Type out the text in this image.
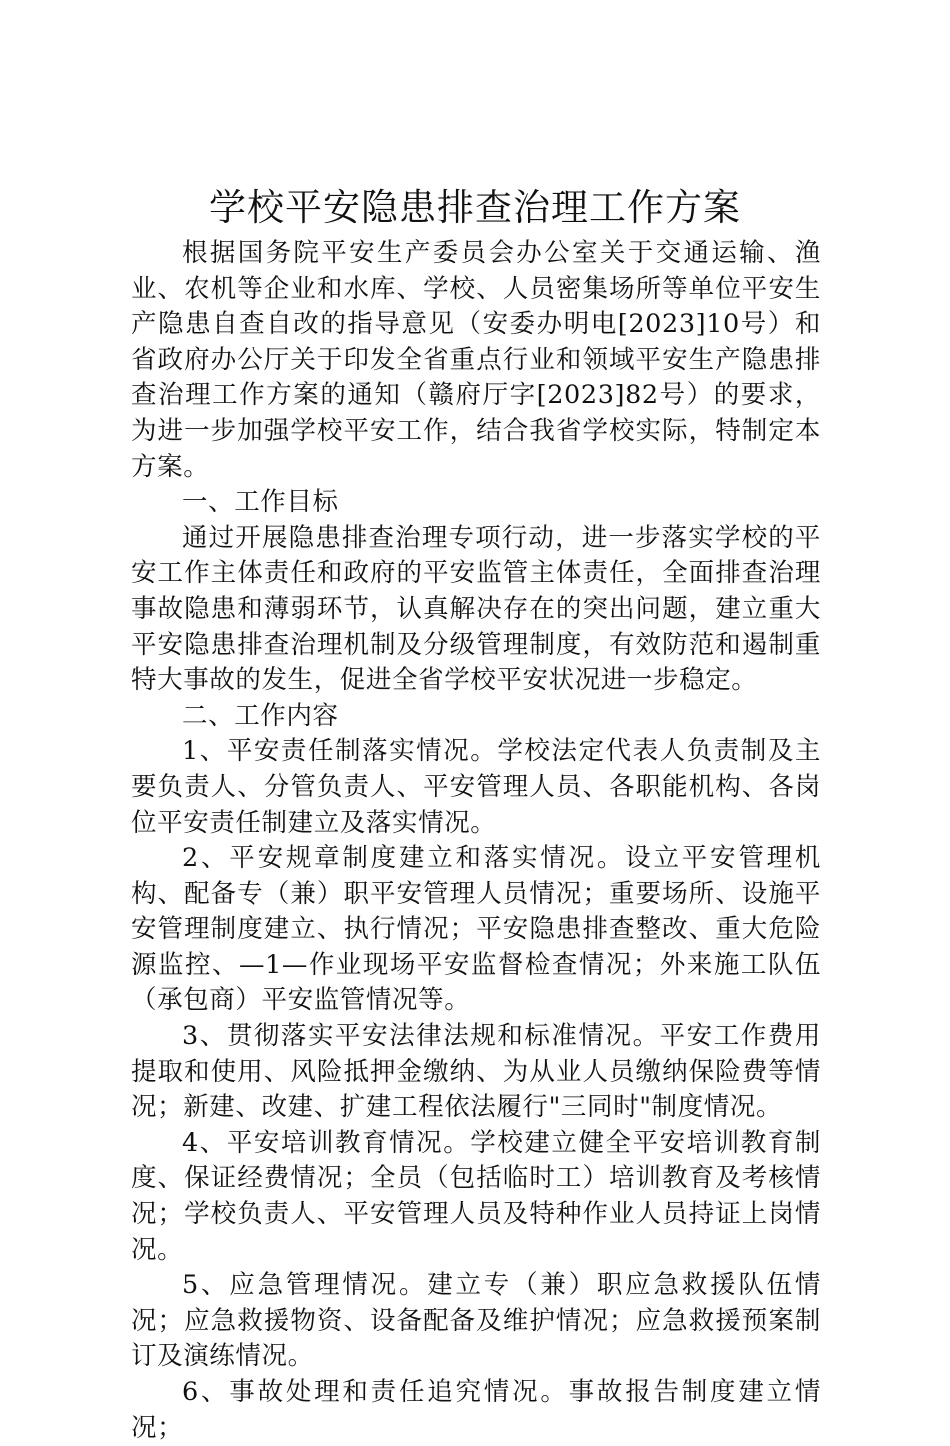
学校平安隐患排查治理工作方案

根据国务院平安生产委员会办公室关于交通运输、渔业、农机等企业和水库、学校、人员密集场所等单位平安生产隐患自查自改的指导意见（安委办明电[2023]10号）和省政府办公厅关于印发全省重点行业和领域平安生产隐患排查治理工作方案的通知（赣府厅字[2023]82号）的要求，为进一步加强学校平安工作，结合我省学校实际，特制定本方案。

一、工作目标

通过开展隐患排查治理专项行动，进一步落实学校的平安工作主体责任和政府的平安监管主体责任，全面排查治理事故隐患和薄弱环节，认真解决存在的突出问题，建立重大平安隐患排查治理机制及分级管理制度，有效防范和遏制重特大事故的发生，促进全省学校平安状况进一步稳定。

二、工作内容

1、平安责任制落实情况。学校法定代表人负责制及主要负责人、分管负责人、平安管理人员、各职能机构、各岗位平安责任制建立及落实情况。

2、平安规章制度建立和落实情况。设立平安管理机构、配备专（兼）职平安管理人员情况；重要场所、设施平安管理制度建立、执行情况；平安隐患排查整改、重大危险源监控、—1—作业现场平安监督检查情况；外来施工队伍（承包商）平安监管情况等。

3、贯彻落实平安法律法规和标准情况。平安工作费用提取和使用、风险抵押金缴纳、为从业人员缴纳保险费等情况；新建、改建、扩建工程依法履行"三同时"制度情况。

4、平安培训教育情况。学校建立健全平安培训教育制度、保证经费情况；全员（包括临时工）培训教育及考核情况；学校负责人、平安管理人员及特种作业人员持证上岗情况。

5、应急管理情况。建立专（兼）职应急救援队伍情况；应急救援物资、设备配备及维护情况；应急救援预案制订及演练情况。

6、事故处理和责任追究情况。事故报告制度建立情况；
